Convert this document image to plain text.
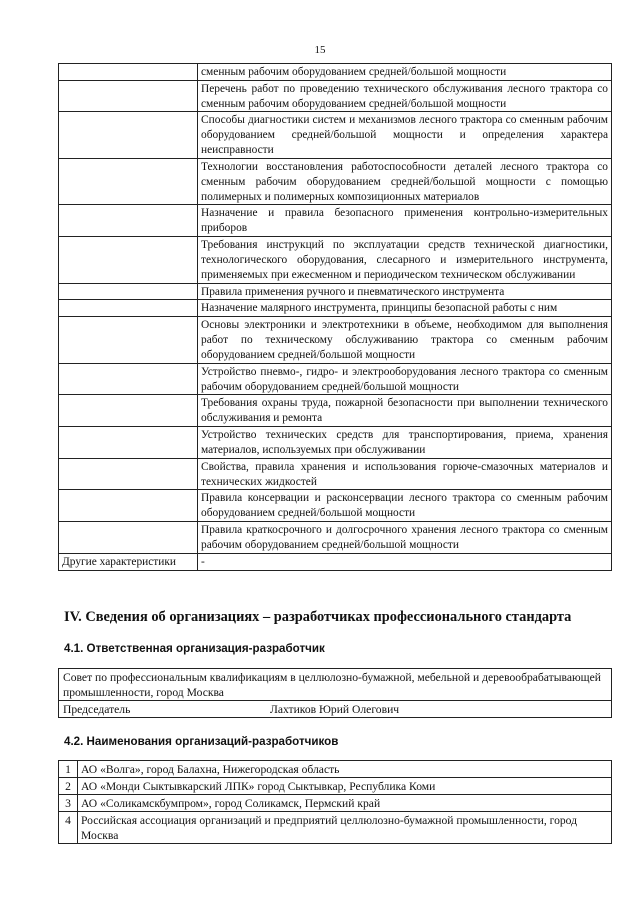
15
	сменным рабочим оборудованием средней/большой мощности
	Перечень работ по проведению технического обслуживания лесного трактора со сменным рабочим оборудованием средней/большой мощности
	Способы диагностики систем и механизмов лесного трактора со сменным рабочим оборудованием средней/большой мощности и определения характера неисправности
	Технологии восстановления работоспособности деталей лесного трактора со сменным рабочим оборудованием средней/большой мощности с помощью полимерных и полимерных композиционных материалов
	Назначение и правила безопасного применения контрольно-измерительных приборов
	Требования инструкций по эксплуатации средств технической диагностики, технологического оборудования, слесарного и измерительного инструмента, применяемых при ежесменном и периодическом техническом обслуживании
	Правила применения ручного и пневматического инструмента
	Назначение малярного инструмента, принципы безопасной работы с ним
	Основы электроники и электротехники в объеме, необходимом для выполнения работ по техническому обслуживанию трактора со сменным рабочим оборудованием средней/большой мощности
	Устройство пневмо-, гидро- и электрооборудования лесного трактора со сменным рабочим оборудованием средней/большой мощности
	Требования охраны труда, пожарной безопасности при выполнении технического обслуживания и ремонта
	Устройство технических средств для транспортирования, приема, хранения материалов, используемых при обслуживании
	Свойства, правила хранения и использования горюче-смазочных материалов и технических жидкостей
	Правила консервации и расконсервации лесного трактора со сменным рабочим оборудованием средней/большой мощности
	Правила краткосрочного и долгосрочного хранения лесного трактора со сменным рабочим оборудованием средней/большой мощности
Другие характеристики	-
IV. Сведения об организациях – разработчиках профессионального стандарта
4.1. Ответственная организация-разработчик
Совет по профессиональным квалификациям в целлюлозно-бумажной, мебельной и деревообрабатывающей промышленности, город Москва
Председатель	Лахтиков Юрий Олегович
4.2. Наименования организаций-разработчиков
1	АО «Волга», город Балахна, Нижегородская область
2	АО «Монди Сыктывкарский ЛПК» город Сыктывкар, Республика Коми
3	АО «Соликамскбумпром», город Соликамск, Пермский край
4	Российская ассоциация организаций и предприятий целлюлозно-бумажной промышленности, город Москва
